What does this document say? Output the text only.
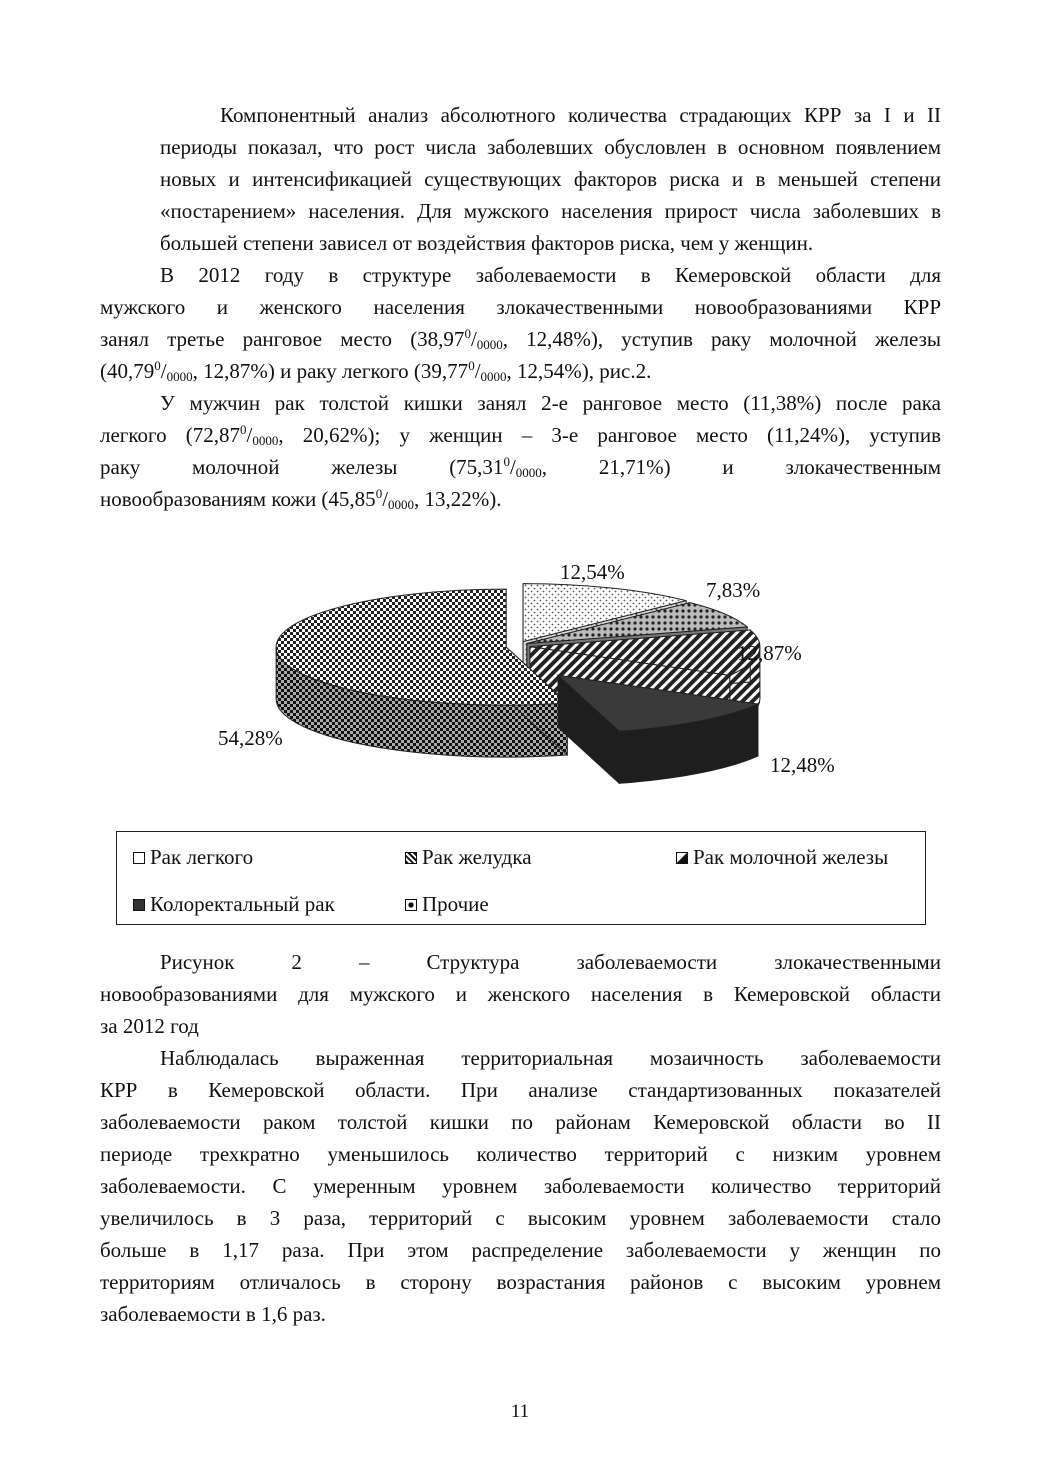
Компонентный анализ абсолютного количества страдающих КРР за I и II
периоды показал, что рост числа заболевших обусловлен в основном появлением
новых и интенсификацией существующих факторов риска и в меньшей степени
«постарением» населения. Для мужского населения прирост числа заболевших в
большей степени зависел от воздействия факторов риска, чем у женщин.
В 2012 году в структуре заболеваемости в Кемеровской области для
мужского и женского населения злокачественными новообразованиями КРР
занял третье ранговое место ($38,97^0/_{0000}$, 12,48%), уступив раку молочной железы
($40,79^0/_{0000}$, 12,87%) и раку легкого ($39,77^0/_{0000}$, 12,54%), рис.2.
У мужчин рак толстой кишки занял 2-е ранговое место (11,38%) после рака
легкого ($72,87^0/_{0000}$, 20,62%); у женщин – 3-е ранговое место (11,24%), уступив
раку молочной железы ($75,31^0/_{0000}$, 21,71%) и злокачественным
новообразованиям кожи ($45,85^0/_{0000}$, 13,22%).
12,54%
7,83%
12,87%
12,48%
54,28%
Рак легкого	Рак желудка	Рак молочной железы
Колоректальный рак	Прочие
Рисунок	2	–	Структура	заболеваемости	злокачественными
новообразованиями для мужского и женского населения в Кемеровской области
за 2012 год
Наблюдалась выраженная территориальная мозаичность заболеваемости
КРР в Кемеровской области. При анализе стандартизованных показателей
заболеваемости раком толстой кишки по районам Кемеровской области во II
периоде трехкратно уменьшилось количество территорий с низким уровнем
заболеваемости. С умеренным уровнем заболеваемости количество территорий
увеличилось в 3 раза, территорий с высоким уровнем заболеваемости стало
больше в 1,17 раза. При этом распределение заболеваемости у женщин по
территориям отличалось в сторону возрастания районов с высоким уровнем
заболеваемости в 1,6 раз.
11
